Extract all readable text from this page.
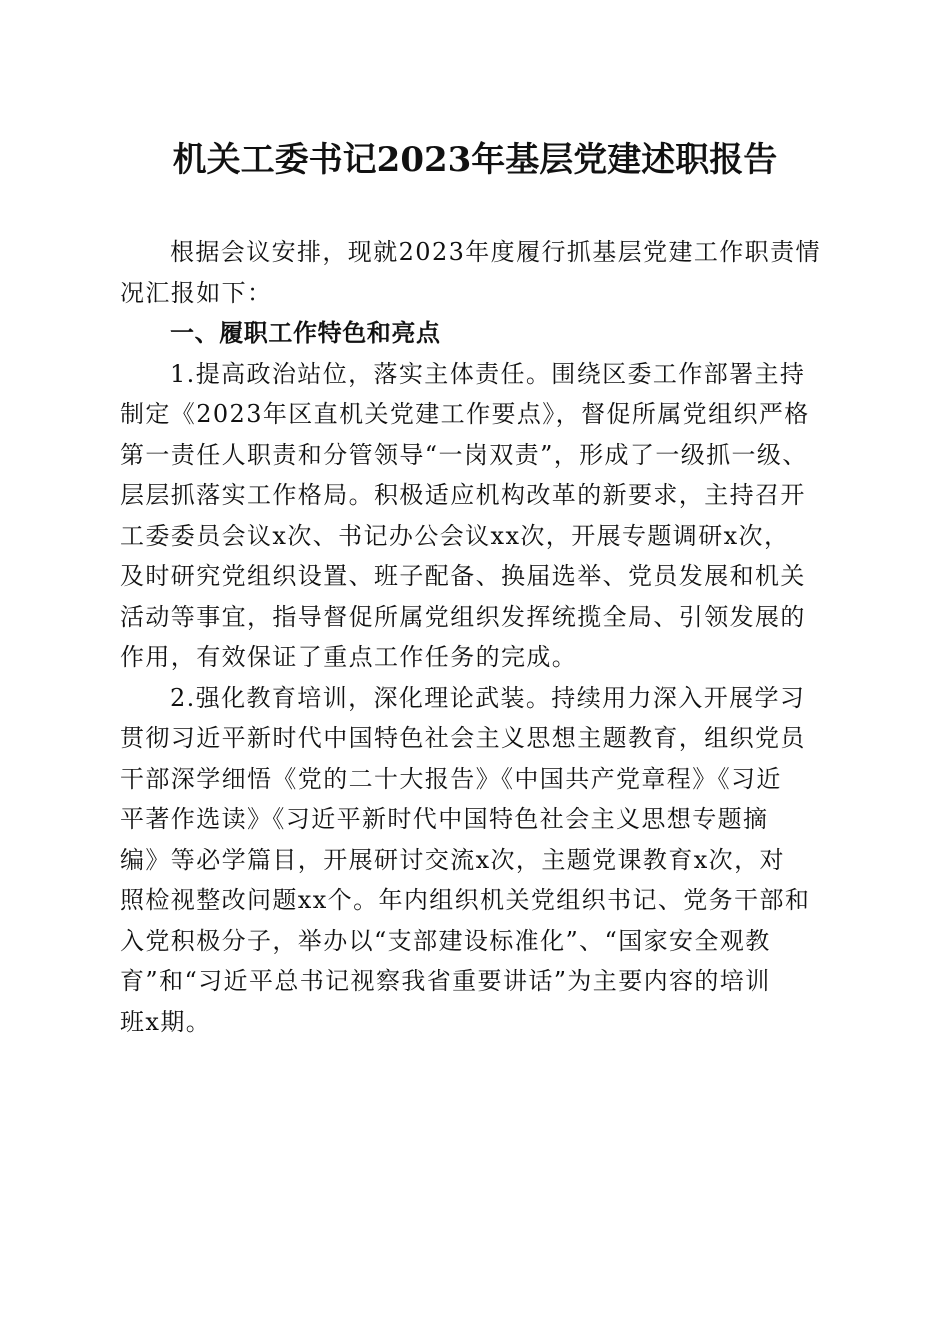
机关工委书记2023年基层党建述职报告
根据会议安排，现就2023年度履行抓基层党建工作职责情
况汇报如下：
一、履职工作特色和亮点
1.提高政治站位，落实主体责任。围绕区委工作部署主持
制定《2023年区直机关党建工作要点》，督促所属党组织严格
第一责任人职责和分管领导“一岗双责”，形成了一级抓一级、
层层抓落实工作格局。积极适应机构改革的新要求，主持召开
工委委员会议x次、书记办公会议xx次，开展专题调研x次，
及时研究党组织设置、班子配备、换届选举、党员发展和机关
活动等事宜，指导督促所属党组织发挥统揽全局、引领发展的
作用，有效保证了重点工作任务的完成。
2.强化教育培训，深化理论武装。持续用力深入开展学习
贯彻习近平新时代中国特色社会主义思想主题教育，组织党员
干部深学细悟《党的二十大报告》《中国共产党章程》《习近
平著作选读》《习近平新时代中国特色社会主义思想专题摘
编》等必学篇目，开展研讨交流x次，主题党课教育x次，对
照检视整改问题xx个。年内组织机关党组织书记、党务干部和
入党积极分子，举办以“支部建设标准化”、“国家安全观教
育”和“习近平总书记视察我省重要讲话”为主要内容的培训
班x期。
